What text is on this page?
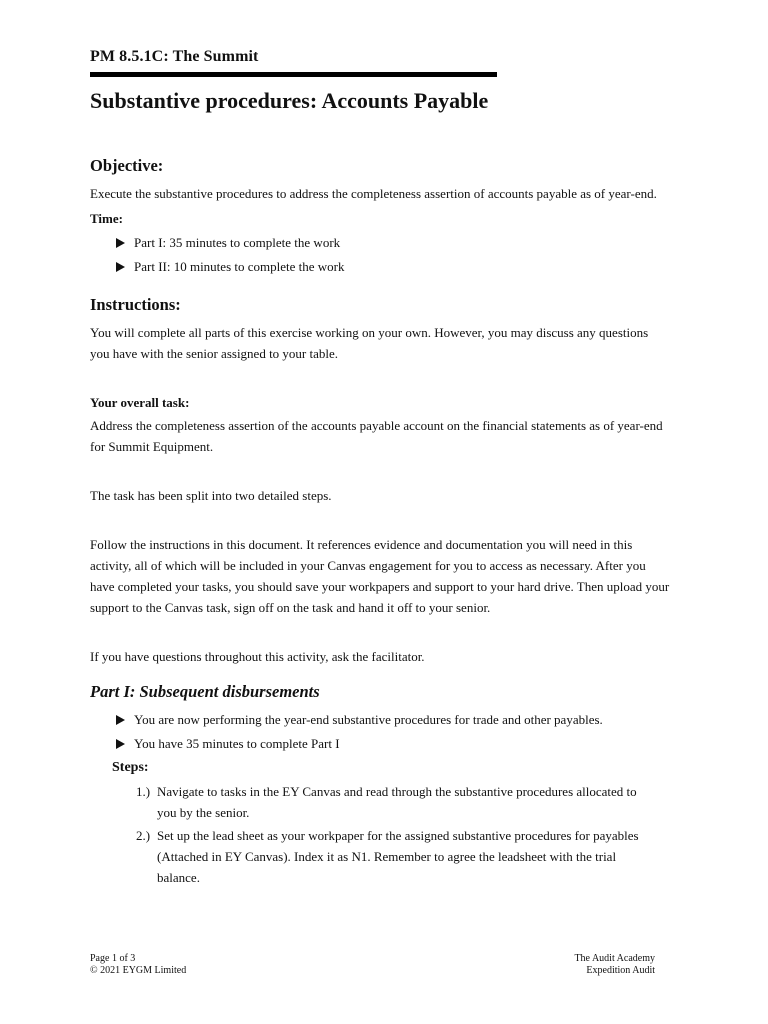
PM 8.5.1C: The Summit
Substantive procedures: Accounts Payable
Objective:

Execute the substantive procedures to address the completeness assertion of accounts payable as of year-end.

Time:

Part I: 35 minutes to complete the work
Part II: 10 minutes to complete the work
Instructions:

You will complete all parts of this exercise working on your own. However, you may discuss any questions you have with the senior assigned to your table.

Your overall task:

Address the completeness assertion of the accounts payable account on the financial statements as of year-end for Summit Equipment.

The task has been split into two detailed steps.

Follow the instructions in this document. It references evidence and documentation you will need in this activity, all of which will be included in your Canvas engagement for you to access as necessary. After you have completed your tasks, you should save your workpapers and support to your hard drive. Then upload your support to the Canvas task, sign off on the task and hand it off to your senior.

If you have questions throughout this activity, ask the facilitator.

Part I: Subsequent disbursements
You are now performing the year-end substantive procedures for trade and other payables.
You have 35 minutes to complete Part I

Steps:

1.) Navigate to tasks in the EY Canvas and read through the substantive procedures allocated to you by the senior.
2.) Set up the lead sheet as your workpaper for the assigned substantive procedures for payables (Attached in EY Canvas). Index it as N1. Remember to agree the leadsheet with the trial balance.
Page 1 of 3
© 2021 EYGM Limited
The Audit Academy
Expedition Audit
